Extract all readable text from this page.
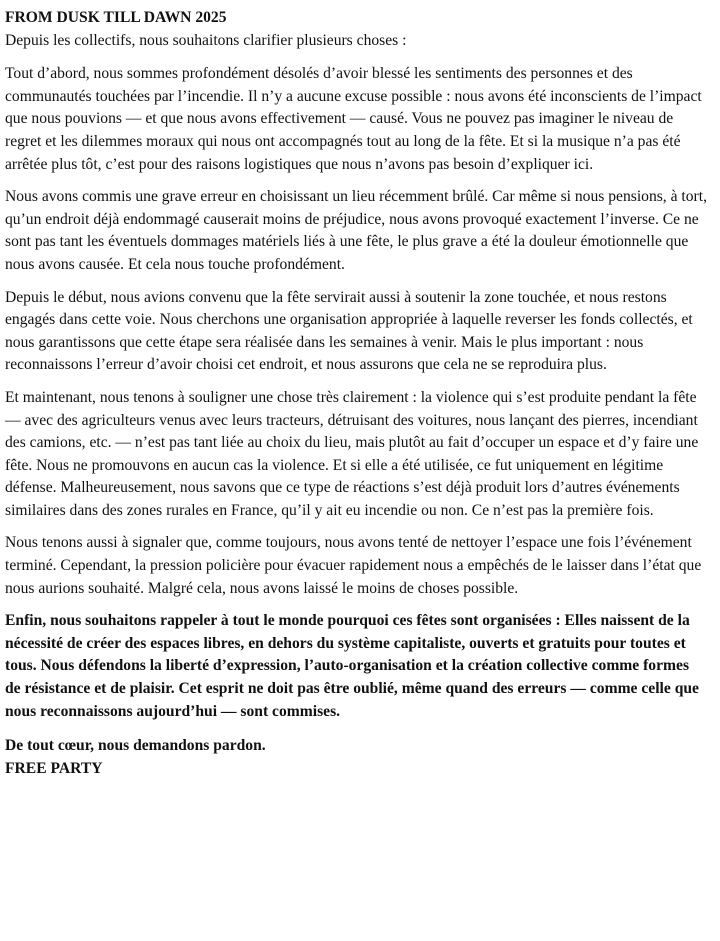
FROM DUSK TILL DAWN 2025
Depuis les collectifs, nous souhaitons clarifier plusieurs choses :

Tout d’abord, nous sommes profondément désolés d’avoir blessé les sentiments des personnes et des communautés touchées par l’incendie. Il n’y a aucune excuse possible : nous avons été inconscients de l’impact que nous pouvions — et que nous avons effectivement — causé. Vous ne pouvez pas imaginer le niveau de regret et les dilemmes moraux qui nous ont accompagnés tout au long de la fête. Et si la musique n’a pas été arrêtée plus tôt, c’est pour des raisons logistiques que nous n’avons pas besoin d’expliquer ici.

Nous avons commis une grave erreur en choisissant un lieu récemment brûlé. Car même si nous pensions, à tort, qu’un endroit déjà endommagé causerait moins de préjudice, nous avons provoqué exactement l’inverse. Ce ne sont pas tant les éventuels dommages matériels liés à une fête, le plus grave a été la douleur émotionnelle que nous avons causée. Et cela nous touche profondément.

Depuis le début, nous avions convenu que la fête servirait aussi à soutenir la zone touchée, et nous restons engagés dans cette voie. Nous cherchons une organisation appropriée à laquelle reverser les fonds collectés, et nous garantissons que cette étape sera réalisée dans les semaines à venir. Mais le plus important : nous reconnaissons l’erreur d’avoir choisi cet endroit, et nous assurons que cela ne se reproduira plus.

Et maintenant, nous tenons à souligner une chose très clairement : la violence qui s’est produite pendant la fête — avec des agriculteurs venus avec leurs tracteurs, détruisant des voitures, nous lançant des pierres, incendiant des camions, etc. — n’est pas tant liée au choix du lieu, mais plutôt au fait d’occuper un espace et d’y faire une fête. Nous ne promouvons en aucun cas la violence. Et si elle a été utilisée, ce fut uniquement en légitime défense. Malheureusement, nous savons que ce type de réactions s’est déjà produit lors d’autres événements similaires dans des zones rurales en France, qu’il y ait eu incendie ou non. Ce n’est pas la première fois.

Nous tenons aussi à signaler que, comme toujours, nous avons tenté de nettoyer l’espace une fois l’événement terminé. Cependant, la pression policière pour évacuer rapidement nous a empêchés de le laisser dans l’état que nous aurions souhaité. Malgré cela, nous avons laissé le moins de choses possible.

Enfin, nous souhaitons rappeler à tout le monde pourquoi ces fêtes sont organisées : Elles naissent de la nécessité de créer des espaces libres, en dehors du système capitaliste, ouverts et gratuits pour toutes et tous. Nous défendons la liberté d’expression, l’auto-organisation et la création collective comme formes de résistance et de plaisir. Cet esprit ne doit pas être oublié, même quand des erreurs — comme celle que nous reconnaissons aujourd’hui — sont commises.
De tout cœur, nous demandons pardon.
FREE PARTY
